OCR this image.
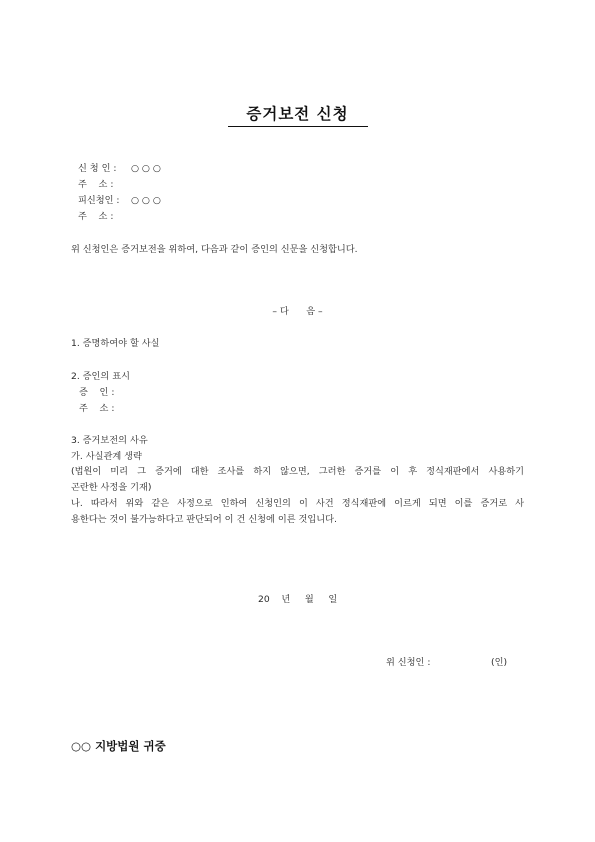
증거보전 신청
신 청 인 : ○ ○ ○
주    소 :
피신청인 : ○ ○ ○
주    소 :
위 신청인은 증거보전을 위하여, 다음과 같이 증인의 신문을 신청합니다.
– 다      음 –
1. 증명하여야 할 사실
2. 증인의 표시
증    인 :
주    소 :
3. 증거보전의 사유
가. 사실관계 생략
(법원이 미리 그 증거에 대한 조사를 하지 않으면, 그러한 증거를 이 후 정식재판에서 사용하기
곤란한 사정을 기재)
나. 따라서 위와 같은 사정으로 인하여 신청인의 이 사건 정식재판에 이르게 되면 이를 증거로 사
용한다는 것이 불가능하다고 판단되어 이 건 신청에 이른 것입니다.
20    년     월     일
위 신청인 :	(인)
○○ 지방법원 귀중
